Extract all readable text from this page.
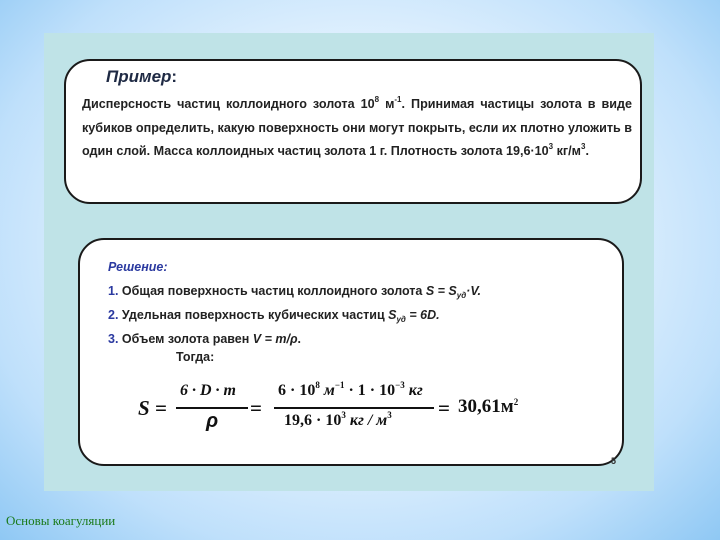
Пример:
Дисперсность частиц коллоидного золота $10^8$ $м^{-1}$. Принимая частицы золота в виде кубиков определить, какую поверхность они могут покрыть, если их плотно уложить в один слой. Масса коллоидных частиц золота 1 г. Плотность золота $19,6\cdot 10^3$ $кг/м^3$.
Решение:
1. Общая поверхность частиц коллоидного золота $S = S_{уд}\cdot V$.
2. Удельная поверхность кубических частиц $S_{уд} = 6D$.
3. Объем золота равен V = m/ρ.
Тогда:
S =
6 · D · m
ρ
=
$6 \cdot 10^8$ $м^{-1} \cdot 1 \cdot 10^{-3}$ кг
$19,6 \cdot 10^3$ кг / $м^3 = 30,61м^2$
5
Основы коагуляции
